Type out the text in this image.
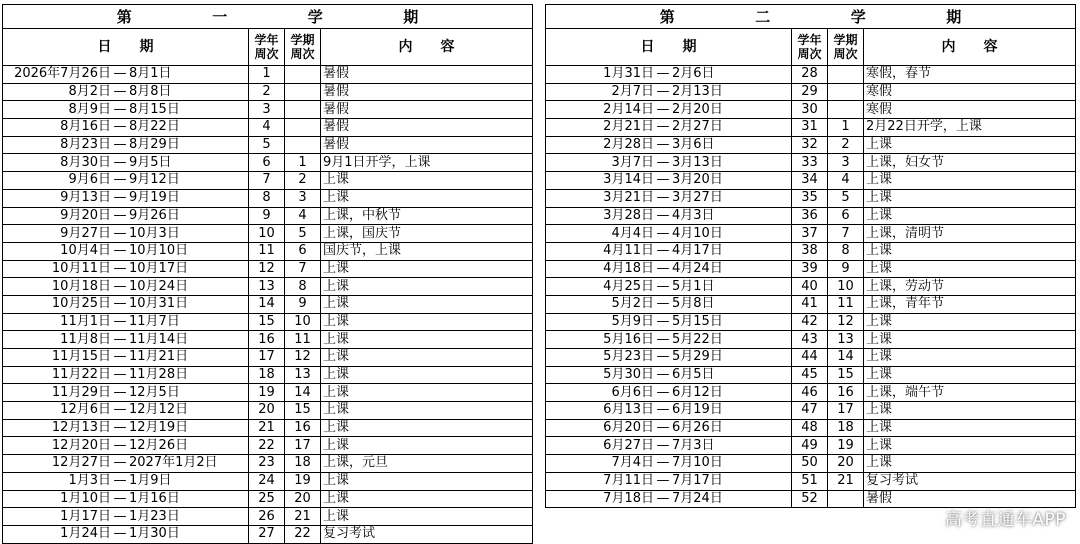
第 一 学 期			
日　　期	学年周次	学期周次	内　　容

2026年7月26日 — 8月1日	1		暑假

8月2日 — 8月8日	2		暑假

8月9日 — 8月15日	3		暑假

8月16日 — 8月22日	4		暑假

8月23日 — 8月29日	5		暑假

8月30日 — 9月5日	6	1	9月1日开学，上课

9月6日 — 9月12日	7	2	上课

9月13日 — 9月19日	8	3	上课

9月20日 — 9月26日	9	4	上课，中秋节

9月27日 — 10月3日	10	5	上课，国庆节

10月4日 — 10月10日	11	6	国庆节，上课

10月11日 — 10月17日	12	7	上课

10月18日 — 10月24日	13	8	上课

10月25日 — 10月31日	14	9	上课

11月1日 — 11月7日	15	10	上课

11月8日 — 11月14日	16	11	上课

11月15日 — 11月21日	17	12	上课

11月22日 — 11月28日	18	13	上课

11月29日 — 12月5日	19	14	上课

12月6日 — 12月12日	20	15	上课

12月13日 — 12月19日	21	16	上课

12月20日 — 12月26日	22	17	上课

12月27日 — 2027年1月2日	23	18	上课，元旦

1月3日 — 1月9日	24	19	上课

1月10日 — 1月16日	25	20	上课

1月17日 — 1月23日	26	21	上课

1月24日 — 1月30日	27	22	复习考试
第 二 学 期			
日　　期	学年周次	学期周次	内　　容

1月31日 — 2月6日	28		寒假，春节

2月7日 — 2月13日	29		寒假

2月14日 — 2月20日	30		寒假

2月21日 — 2月27日	31	1	2月22日开学，上课

2月28日 — 3月6日	32	2	上课

3月7日 — 3月13日	33	3	上课，妇女节

3月14日 — 3月20日	34	4	上课

3月21日 — 3月27日	35	5	上课

3月28日 — 4月3日	36	6	上课

4月4日 — 4月10日	37	7	上课，清明节

4月11日 — 4月17日	38	8	上课

4月18日 — 4月24日	39	9	上课

4月25日 — 5月1日	40	10	上课，劳动节

5月2日 — 5月8日	41	11	上课，青年节

5月9日 — 5月15日	42	12	上课

5月16日 — 5月22日	43	13	上课

5月23日 — 5月29日	44	14	上课

5月30日 — 6月5日	45	15	上课

6月6日 — 6月12日	46	16	上课，端午节

6月13日 — 6月19日	47	17	上课

6月20日 — 6月26日	48	18	上课

6月27日 — 7月3日	49	19	上课

7月4日 — 7月10日	50	20	上课

7月11日 — 7月17日	51	21	复习考试

7月18日 — 7月24日	52		暑假
高考直通车APP
